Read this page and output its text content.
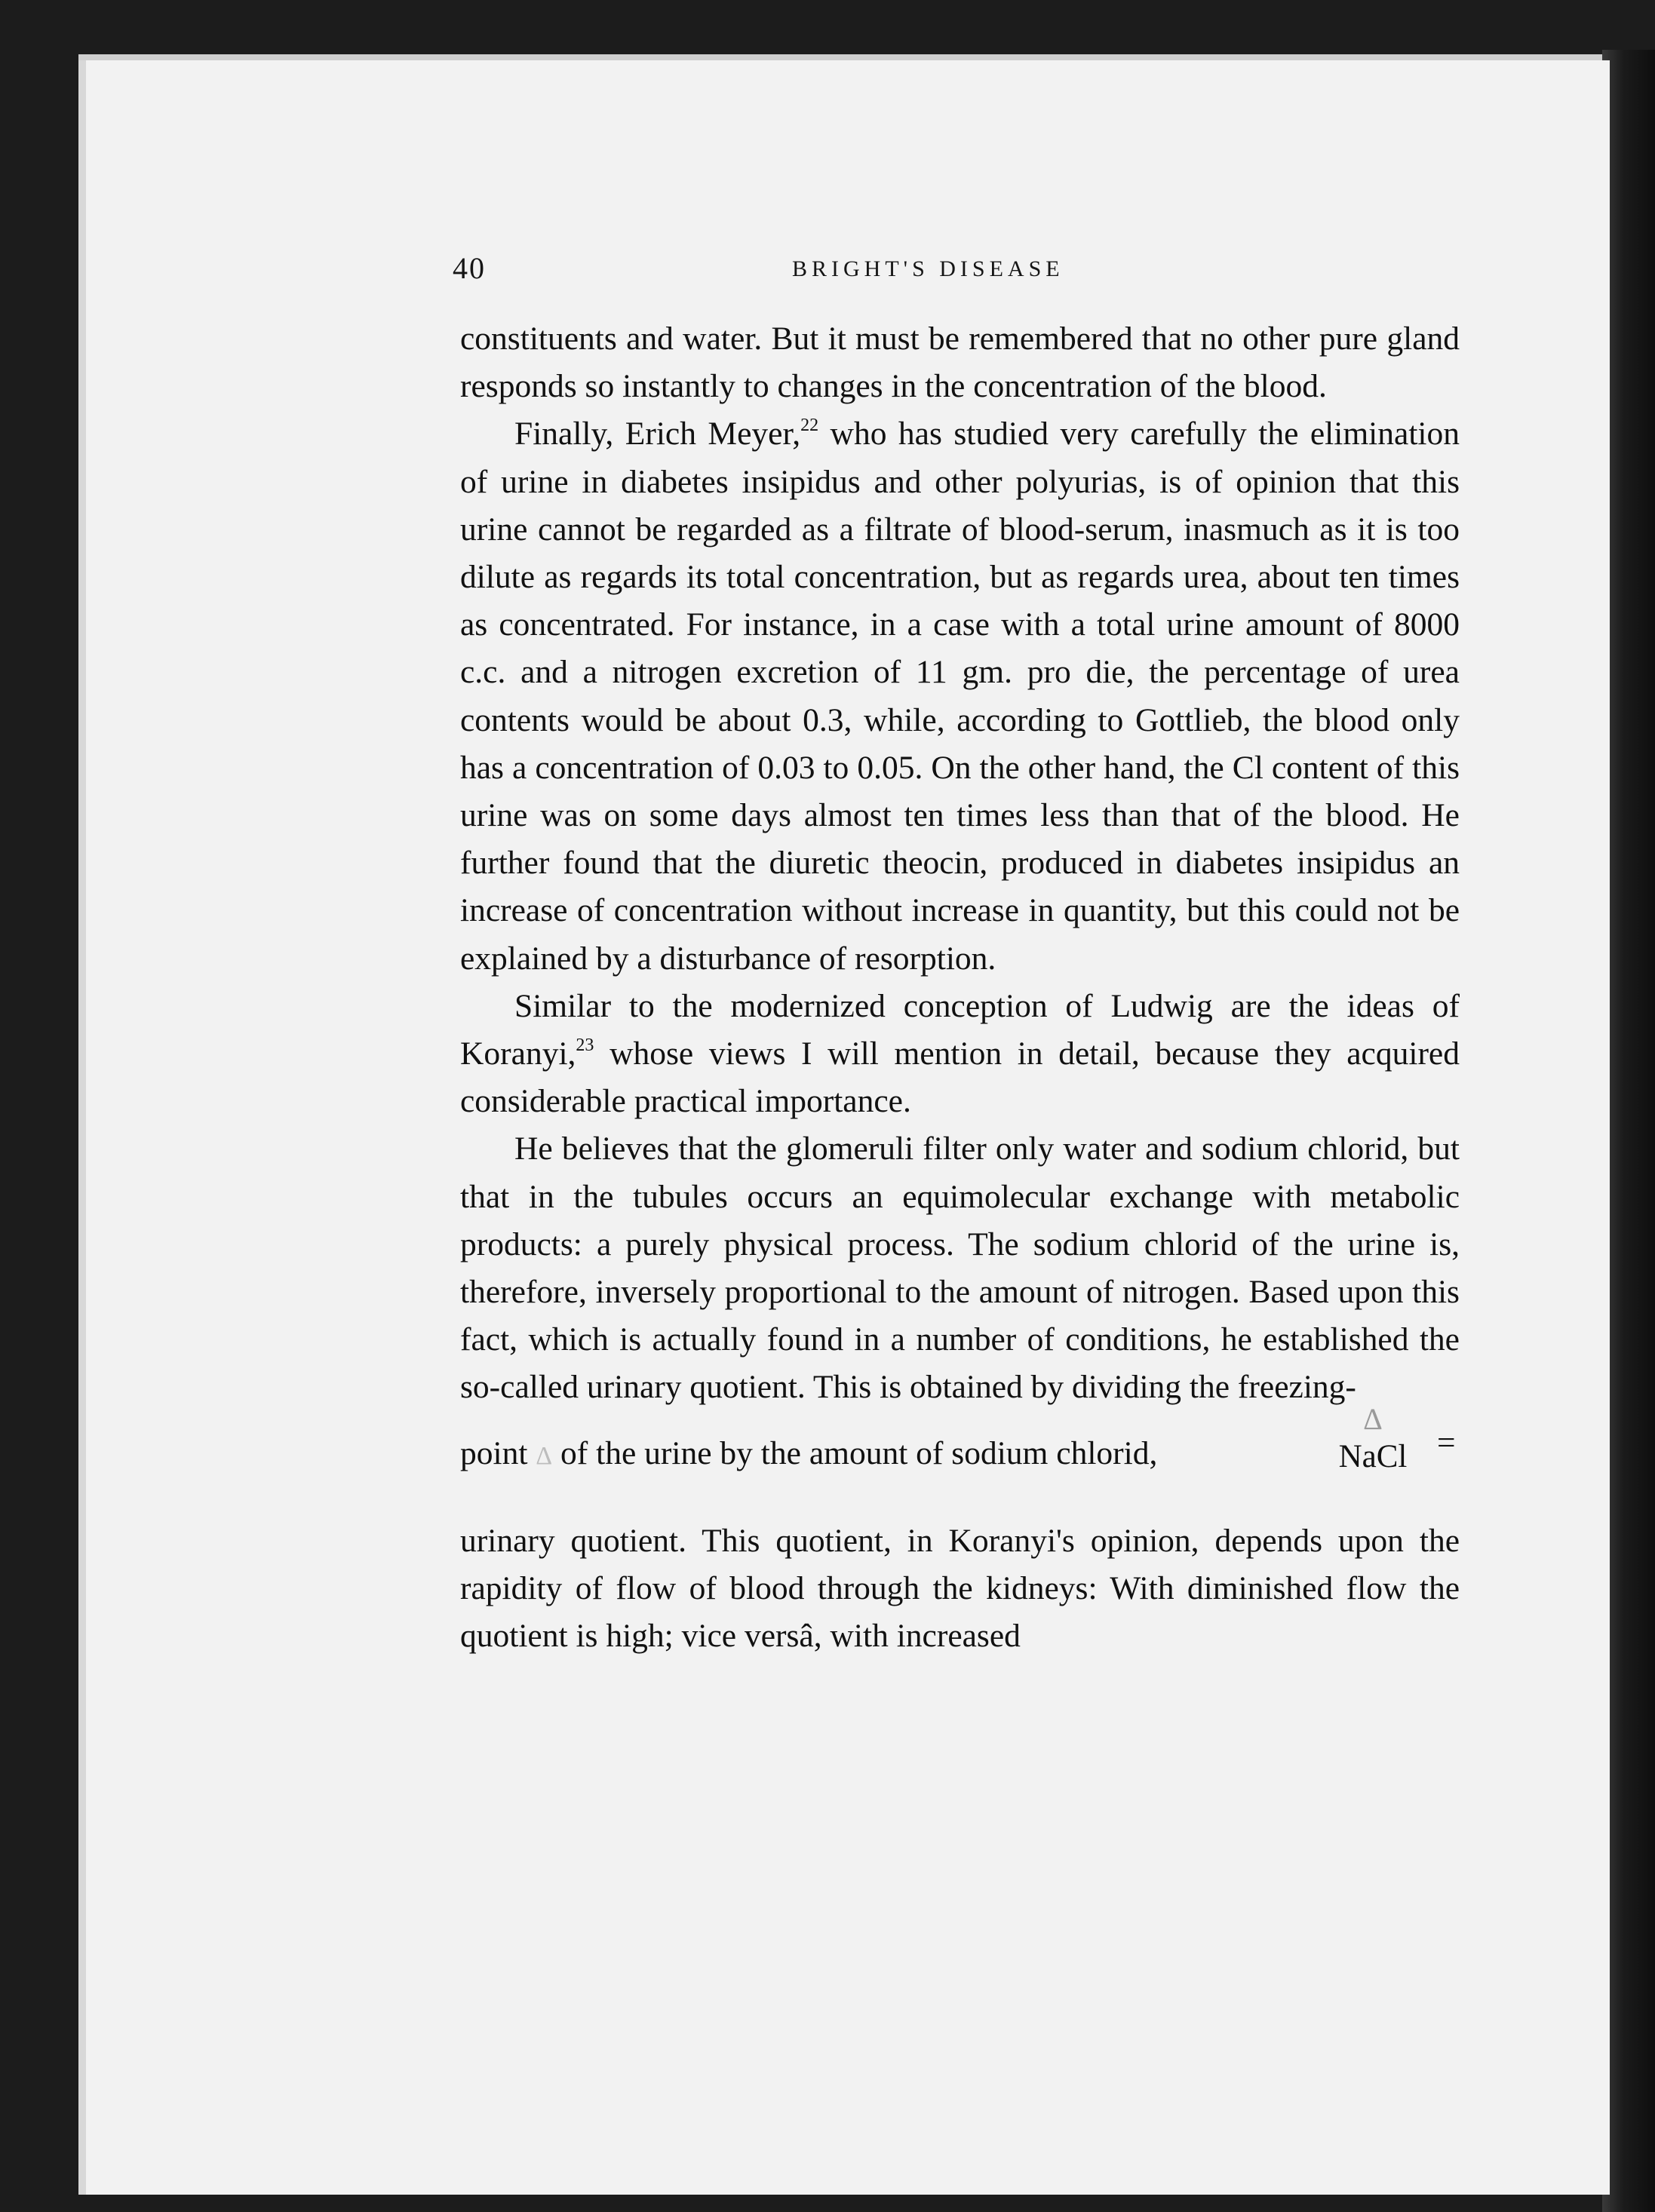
40	BRIGHT'S DISEASE

constituents and water. But it must be remembered that no other pure gland responds so instantly to changes in the concentration of the blood.

Finally, Erich Meyer,$^{22}$ who has studied very carefully the elimination of urine in diabetes insipidus and other polyurias, is of opinion that this urine cannot be regarded as a filtrate of blood-serum, inasmuch as it is too dilute as regards its total concentration, but as regards urea, about ten times as concentrated. For instance, in a case with a total urine amount of 8000 c.c. and a nitrogen excretion of 11 gm. pro die, the percentage of urea contents would be about 0.3, while, according to Gottlieb, the blood only has a concentration of 0.03 to 0.05. On the other hand, the Cl content of this urine was on some days almost ten times less than that of the blood. He further found that the diuretic theocin, produced in diabetes insipidus an increase of concentration without increase in quantity, but this could not be explained by a disturbance of resorption.

Similar to the modernized conception of Ludwig are the ideas of Koranyi,$^{23}$ whose views I will mention in detail, because they acquired considerable practical importance.

He believes that the glomeruli filter only water and sodium chlorid, but that in the tubules occurs an equimolecular exchange with metabolic products: a purely physical process. The sodium chlorid of the urine is, therefore, inversely proportional to the amount of nitrogen. Based upon this fact, which is actually found in a number of conditions, he established the so-called urinary quotient. This is obtained by dividing the freezing-

point Δ of the urine by the amount of sodium chlorid,
Δ
NaCl =

urinary quotient. This quotient, in Koranyi's opinion, depends upon the rapidity of flow of blood through the kidneys: With diminished flow the quotient is high; vice versâ, with increased
